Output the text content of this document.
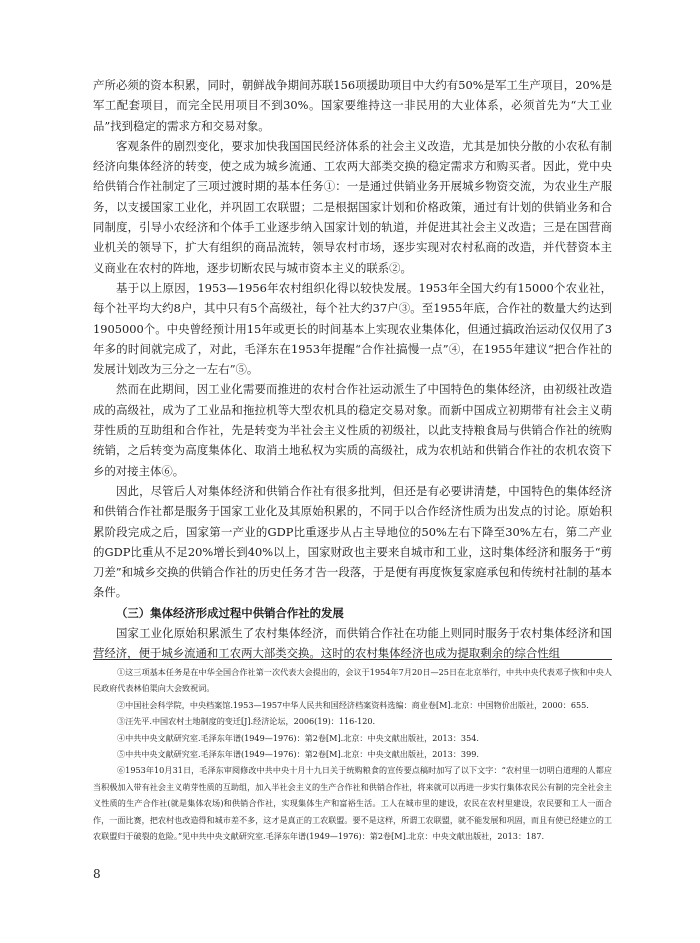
产所必须的资本积累，同时，朝鲜战争期间苏联156项援助项目中大约有50%是军工生产项目，20%是军工配套项目，而完全民用项目不到30%。国家要维持这一非民用的大业体系，必须首先为“大工业品”找到稳定的需求方和交易对象。

客观条件的剧烈变化，要求加快我国国民经济体系的社会主义改造，尤其是加快分散的小农私有制经济向集体经济的转变，使之成为城乡流通、工农两大部类交换的稳定需求方和购买者。因此，党中央给供销合作社制定了三项过渡时期的基本任务①：一是通过供销业务开展城乡物资交流，为农业生产服务，以支援国家工业化，并巩固工农联盟；二是根据国家计划和价格政策，通过有计划的供销业务和合同制度，引导小农经济和个体手工业逐步纳入国家计划的轨道，并促进其社会主义改造；三是在国营商业机关的领导下，扩大有组织的商品流转，领导农村市场，逐步实现对农村私商的改造，并代替资本主义商业在农村的阵地，逐步切断农民与城市资本主义的联系②。

基于以上原因，1953—1956年农村组织化得以较快发展。1953年全国大约有15000个农业社，每个社平均大约8户，其中只有5个高级社，每个社大约37户③。至1955年底，合作社的数量大约达到1905000个。中央曾经预计用15年或更长的时间基本上实现农业集体化，但通过搞政治运动仅仅用了3年多的时间就完成了，对此，毛泽东在1953年提醒“合作社搞慢一点”④，在1955年建议“把合作社的发展计划改为三分之一左右”⑤。

然而在此期间，因工业化需要而推进的农村合作社运动派生了中国特色的集体经济，由初级社改造成的高级社，成为了工业品和拖拉机等大型农机具的稳定交易对象。而新中国成立初期带有社会主义萌芽性质的互助组和合作社，先是转变为半社会主义性质的初级社，以此支持粮食局与供销合作社的统购统销，之后转变为高度集体化、取消土地私权为实质的高级社，成为农机站和供销合作社的农机农资下乡的对接主体⑥。

因此，尽管后人对集体经济和供销合作社有很多批判，但还是有必要讲清楚，中国特色的集体经济和供销合作社都是服务于国家工业化及其原始积累的，不同于以合作经济性质为出发点的讨论。原始积累阶段完成之后，国家第一产业的GDP比重逐步从占主导地位的50%左右下降至30%左右，第二产业的GDP比重从不足20%增长到40%以上，国家财政也主要来自城市和工业，这时集体经济和服务于“剪刀差”和城乡交换的供销合作社的历史任务才告一段落，于是便有再度恢复家庭承包和传统村社制的基本条件。

（三）集体经济形成过程中供销合作社的发展

国家工业化原始积累派生了农村集体经济，而供销合作社在功能上则同时服务于农村集体经济和国营经济，便于城乡流通和工农两大部类交换。这时的农村集体经济也成为提取剩余的综合性组

①这三项基本任务是在中华全国合作社第一次代表大会提出的，会议于1954年7月20日—25日在北京举行，中共中央代表邓子恢和中央人民政府代表林伯渠向大会致祝词。

②中国社会科学院，中央档案馆.1953—1957中华人民共和国经济档案资料选编：商业卷[M].北京：中国物价出版社，2000：655.

③汪先平.中国农村土地制度的变迁[J].经济论坛，2006(19)：116-120.

④中共中央文献研究室.毛泽东年谱(1949—1976)：第2卷[M].北京：中央文献出版社，2013：354.

⑤中共中央文献研究室.毛泽东年谱(1949—1976)：第2卷[M].北京：中央文献出版社，2013：399.

⑥1953年10月31日，毛泽东审阅修改中共中央十月十九日关于统购粮食的宣传要点稿时加写了以下文字：“农村里一切明白道理的人都应当积极加入带有社会主义萌芽性质的互助组，加入半社会主义的生产合作社和供销合作社，将来就可以再进一步实行集体农民公有制的完全社会主义性质的生产合作社(就是集体农场)和供销合作社，实现集体生产和富裕生活。工人在城市里的建设，农民在农村里建设，农民要和工人一面合作，一面比赛，把农村也改造得和城市差不多，这才是真正的工农联盟。要不是这样，所谓工农联盟，就不能发展和巩固，而且有使已经建立的工农联盟归于破裂的危险。”见中共中央文献研究室.毛泽东年谱(1949—1976)：第2卷[M].北京：中央文献出版社，2013：187.

8
